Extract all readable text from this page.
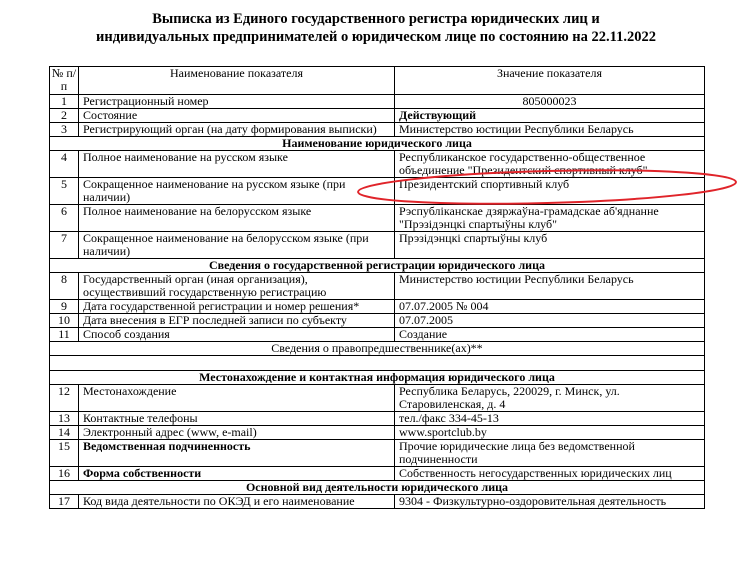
Выписка из Единого государственного регистра юридических лиц и
индивидуальных предпринимателей о юридическом лице по состоянию на 22.11.2022
№ п/п	Наименование показателя	Значение показателя
1	Регистрационный номер	805000023
2	Состояние	Действующий
3	Регистрирующий орган (на дату формирования выписки)	Министерство юстиции Республики Беларусь
Наименование юридического лица		
4	Полное наименование на русском языке	Республиканское государственно-общественное объединение "Президентский спортивный клуб"
5	Сокращенное наименование на русском языке (при наличии)	Президентский спортивный клуб
6	Полное наименование на белорусском языке	Рэспубліканскае дзяржаўна-грамадскае аб'яднанне "Прэзідэнцкі спартыўны клуб"
7	Сокращенное наименование на белорусском языке (при наличии)	Прэзідэнцкі спартыўны клуб
Сведения о государственной регистрации юридического лица		
8	Государственный орган (иная организация), осуществивший государственную регистрацию	Министерство юстиции Республики Беларусь
9	Дата государственной регистрации и номер решения*	07.07.2005 № 004
10	Дата внесения в ЕГР последней записи по субъекту	07.07.2005
11	Способ создания	Создание
Сведения о правопредшественнике(ах)**		

Местонахождение и контактная информация юридического лица		
12	Местонахождение	Республика Беларусь, 220029, г. Минск, ул. Старовиленская, д. 4
13	Контактные телефоны	тел./факс 334-45-13
14	Электронный адрес (www, e-mail)	www.sportclub.by
15	Ведомственная подчиненность	Прочие юридические лица без ведомственной подчиненности
16	Форма собственности	Собственность негосударственных юридических лиц
Основной вид деятельности юридического лица		
17	Код вида деятельности по ОКЭД и его наименование	9304 - Физкультурно-оздоровительная деятельность
